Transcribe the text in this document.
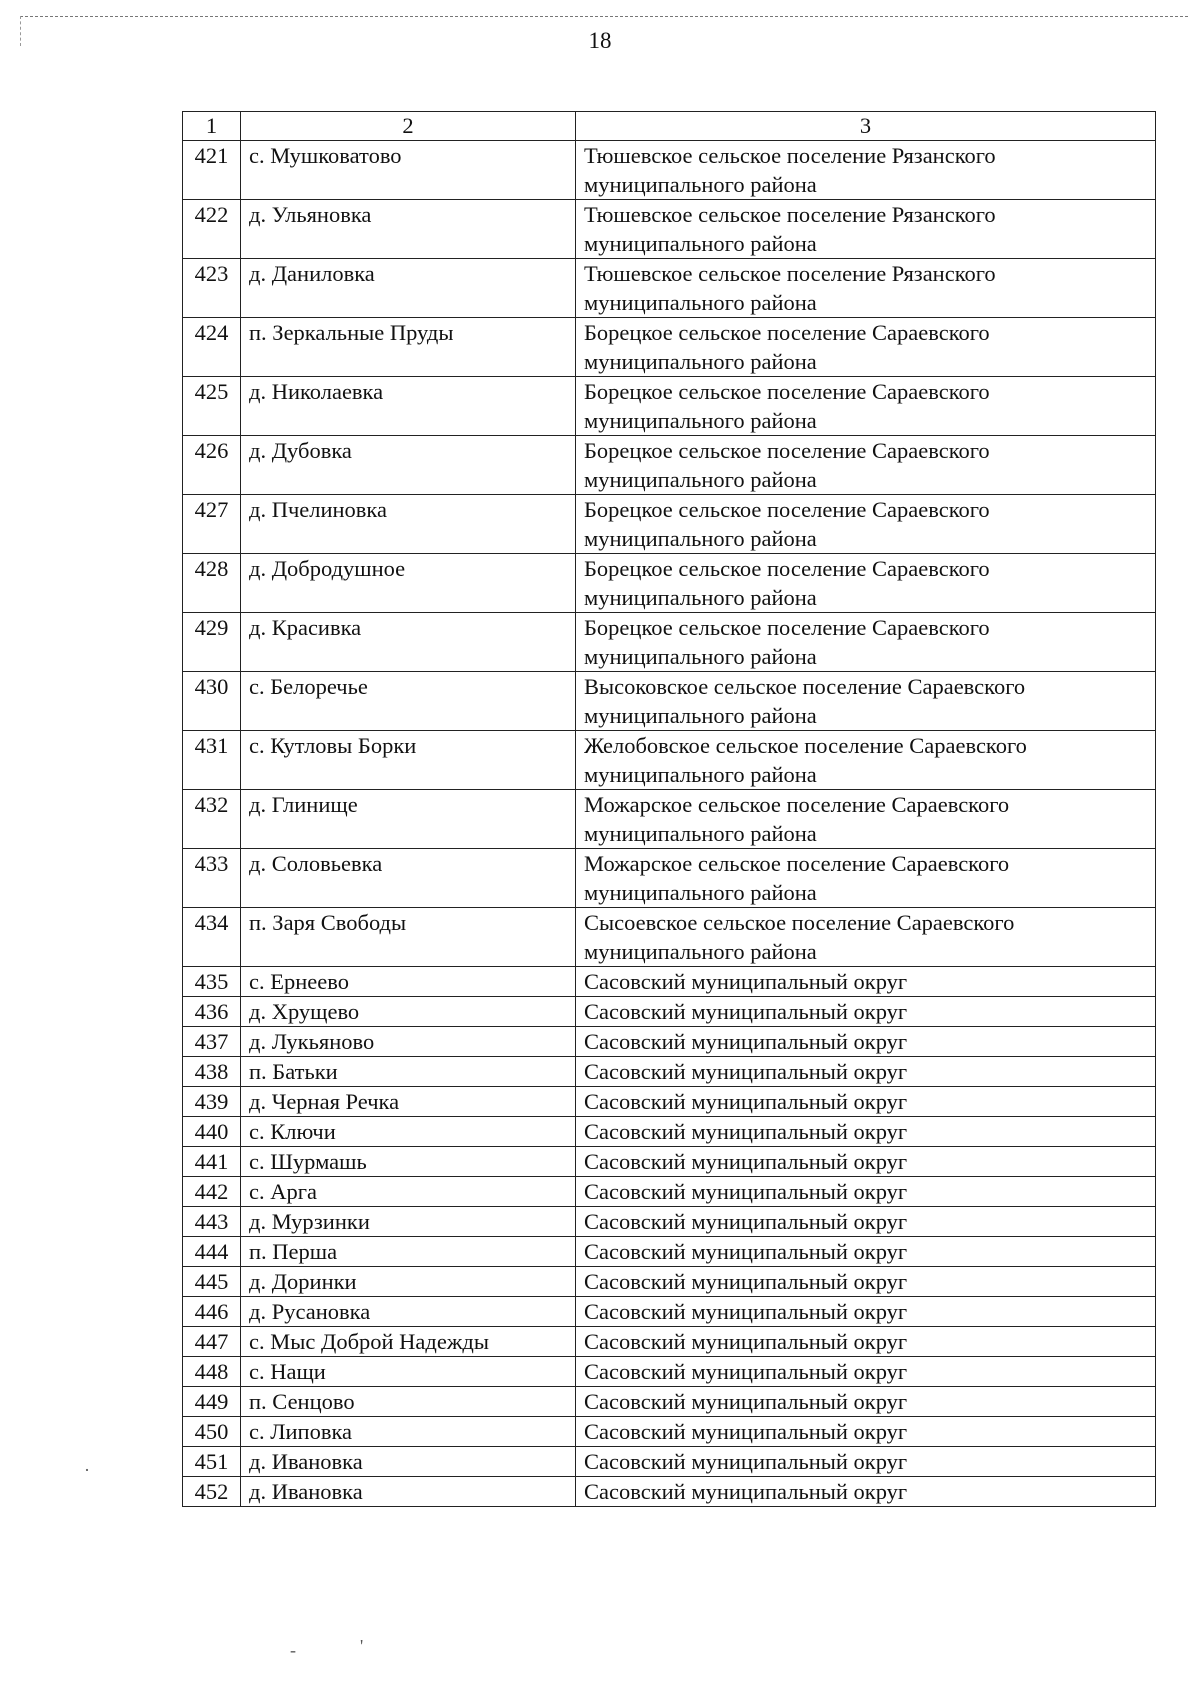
18
1	2	3
421	с. Мушковатово	Тюшевское сельское поселение Рязанского муниципального района
422	д. Ульяновка	Тюшевское сельское поселение Рязанского муниципального района
423	д. Даниловка	Тюшевское сельское поселение Рязанского муниципального района
424	п. Зеркальные Пруды	Борецкое сельское поселение Сараевского муниципального района
425	д. Николаевка	Борецкое сельское поселение Сараевского муниципального района
426	д. Дубовка	Борецкое сельское поселение Сараевского муниципального района
427	д. Пчелиновка	Борецкое сельское поселение Сараевского муниципального района
428	д. Добродушное	Борецкое сельское поселение Сараевского муниципального района
429	д. Красивка	Борецкое сельское поселение Сараевского муниципального района
430	с. Белоречье	Высоковское сельское поселение Сараевского муниципального района
431	с. Кутловы Борки	Желобовское сельское поселение Сараевского муниципального района
432	д. Глинище	Можарское сельское поселение Сараевского муниципального района
433	д. Соловьевка	Можарское сельское поселение Сараевского муниципального района
434	п. Заря Свободы	Сысоевское сельское поселение Сараевского муниципального района
435	с. Ернеево	Сасовский муниципальный округ
436	д. Хрущево	Сасовский муниципальный округ
437	д. Лукьяново	Сасовский муниципальный округ
438	п. Батьки	Сасовский муниципальный округ
439	д. Черная Речка	Сасовский муниципальный округ
440	с. Ключи	Сасовский муниципальный округ
441	с. Шурмашь	Сасовский муниципальный округ
442	с. Арга	Сасовский муниципальный округ
443	д. Мурзинки	Сасовский муниципальный округ
444	п. Перша	Сасовский муниципальный округ
445	д. Доринки	Сасовский муниципальный округ
446	д. Русановка	Сасовский муниципальный округ
447	с. Мыс Доброй Надежды	Сасовский муниципальный округ
448	с. Нащи	Сасовский муниципальный округ
449	п. Сенцово	Сасовский муниципальный округ
450	с. Липовка	Сасовский муниципальный округ
451	д. Ивановка	Сасовский муниципальный округ
452	д. Ивановка	Сасовский муниципальный округ
·
-	'
